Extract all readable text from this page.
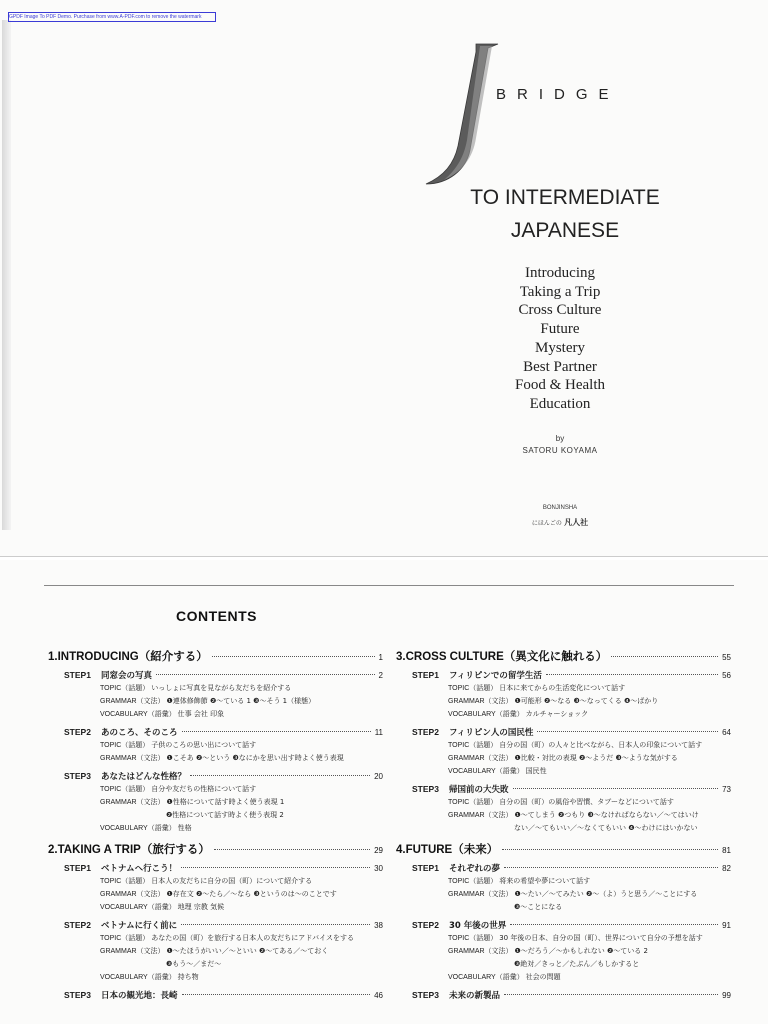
GPDF Image To PDF Demo. Purchase from www.A-PDF.com to remove the watermark
BRIDGE
TO INTERMEDIATE
JAPANESE
Introducing
Taking a Trip
Cross Culture
Future
Mystery
Best Partner
Food & Health
Education
by
SATORU KOYAMA
BONJINSHA
にほんごの 凡人社
CONTENTS
1.INTRODUCING（紹介する）	1
STEP1	同窓会の写真	2
TOPIC（話題） いっしょに写真を見ながら友だちを紹介する
GRAMMAR（文法） ❶連体修飾節 ❷～ている 1 ❸～そう 1（様態）
VOCABULARY（語彙） 仕事 会社 印象
STEP2	あのころ、そのころ	11
TOPIC（話題） 子供のころの思い出について話す
GRAMMAR（文法） ❶こそあ ❷～という ❸なにかを思い出す時よく使う表現
STEP3	あなたはどんな性格？	20
TOPIC（話題） 自分や友だちの性格について話す
GRAMMAR（文法） ❶性格について話す時よく使う表現 1
❷性格について話す時よく使う表現 2
VOCABULARY（語彙） 性格
2.TAKING A TRIP（旅行する）	29
STEP1	ベトナムへ行こう！	30
TOPIC（話題） 日本人の友だちに自分の国（町）について紹介する
GRAMMAR（文法） ❶存在文 ❷～たら／～なら ❸というのは～のことです
VOCABULARY（語彙） 地理 宗教 気候
STEP2	ベトナムに行く前に	38
TOPIC（話題） あなたの国（町）を旅行する日本人の友だちにアドバイスをする
GRAMMAR（文法） ❶～たほうがいい／～といい ❷～てある／～ておく
❸もう～／まだ～
VOCABULARY（語彙） 持ち物
STEP3	日本の観光地：長崎	46
3.CROSS CULTURE（異文化に触れる）	55
STEP1	フィリピンでの留学生活	56
TOPIC（話題） 日本に来てからの生活変化について話す
GRAMMAR（文法） ❶可能形 ❷～なる ❸～なってくる ❹～ばかり
VOCABULARY（語彙） カルチャーショック
STEP2	フィリピン人の国民性	64
TOPIC（話題） 自分の国（町）の人々と比べながら、日本人の印象について話す
GRAMMAR（文法） ❶比較・対比の表現 ❷～ようだ ❸～ような気がする
VOCABULARY（語彙） 国民性
STEP3	帰国前の大失敗	73
TOPIC（話題） 自分の国（町）の風俗や習慣、タブーなどについて話す
GRAMMAR（文法） ❶～てしまう ❷つもり ❸～なければならない／～てはいけ
ない／～てもいい／～なくてもいい ❹～わけにはいかない
4.FUTURE（未来）	81
STEP1	それぞれの夢	82
TOPIC（話題） 将来の希望や夢について話す
GRAMMAR（文法） ❶～たい／～てみたい ❷～（よ）うと思う／～ことにする
❸～ことになる
STEP2	30 年後の世界	91
TOPIC（話題） 30 年後の日本、自分の国（町）、世界について自分の予想を話す
GRAMMAR（文法） ❶～だろう／～かもしれない ❷～ている 2
❸絶対／きっと／たぶん／もしかすると
VOCABULARY（語彙） 社会の問題
STEP3	未来の新製品	99
